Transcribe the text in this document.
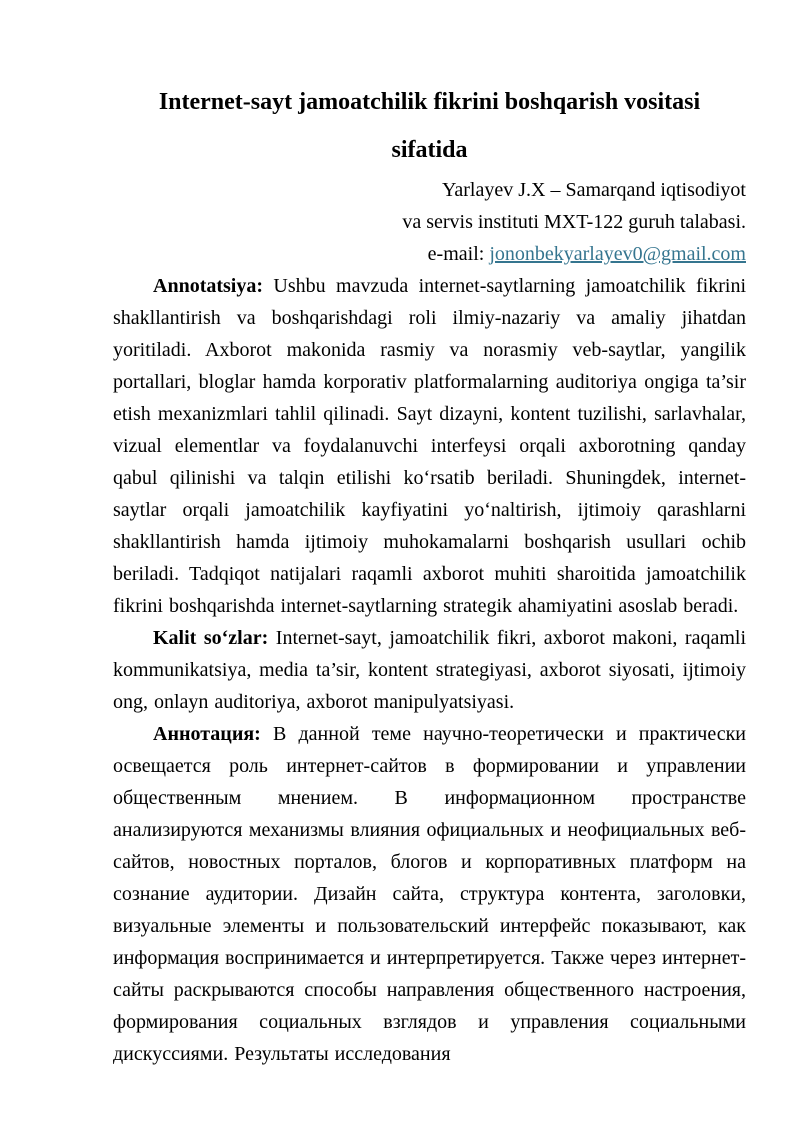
Internet-sayt jamoatchilik fikrini boshqarish vositasi
sifatida
Yarlayev J.X – Samarqand iqtisodiyot
va servis instituti MXT-122 guruh talabasi.
e-mail: jononbekyarlayev0@gmail.com

Annotatsiya: Ushbu mavzuda internet-saytlarning jamoatchilik fikrini shakllantirish va boshqarishdagi roli ilmiy-nazariy va amaliy jihatdan yoritiladi. Axborot makonida rasmiy va norasmiy veb-saytlar, yangilik portallari, bloglar hamda korporativ platformalarning auditoriya ongiga ta’sir etish mexanizmlari tahlil qilinadi. Sayt dizayni, kontent tuzilishi, sarlavhalar, vizual elementlar va foydalanuvchi interfeysi orqali axborotning qanday qabul qilinishi va talqin etilishi ko‘rsatib beriladi. Shuningdek, internet-saytlar orqali jamoatchilik kayfiyatini yo‘naltirish, ijtimoiy qarashlarni shakllantirish hamda ijtimoiy muhokamalarni boshqarish usullari ochib beriladi. Tadqiqot natijalari raqamli axborot muhiti sharoitida jamoatchilik fikrini boshqarishda internet-saytlarning strategik ahamiyatini asoslab beradi.

Kalit so‘zlar: Internet-sayt, jamoatchilik fikri, axborot makoni, raqamli kommunikatsiya, media ta’sir, kontent strategiyasi, axborot siyosati, ijtimoiy ong, onlayn auditoriya, axborot manipulyatsiyasi.

Аннотация: В данной теме научно-теоретически и практически освещается роль интернет-сайтов в формировании и управлении общественным мнением. В информационном пространстве анализируются механизмы влияния официальных и неофициальных веб-сайтов, новостных порталов, блогов и корпоративных платформ на сознание аудитории. Дизайн сайта, структура контента, заголовки, визуальные элементы и пользовательский интерфейс показывают, как информация воспринимается и интерпретируется. Также через интернет-сайты раскрываются способы направления общественного настроения, формирования социальных взглядов и управления социальными дискуссиями. Результаты исследования
